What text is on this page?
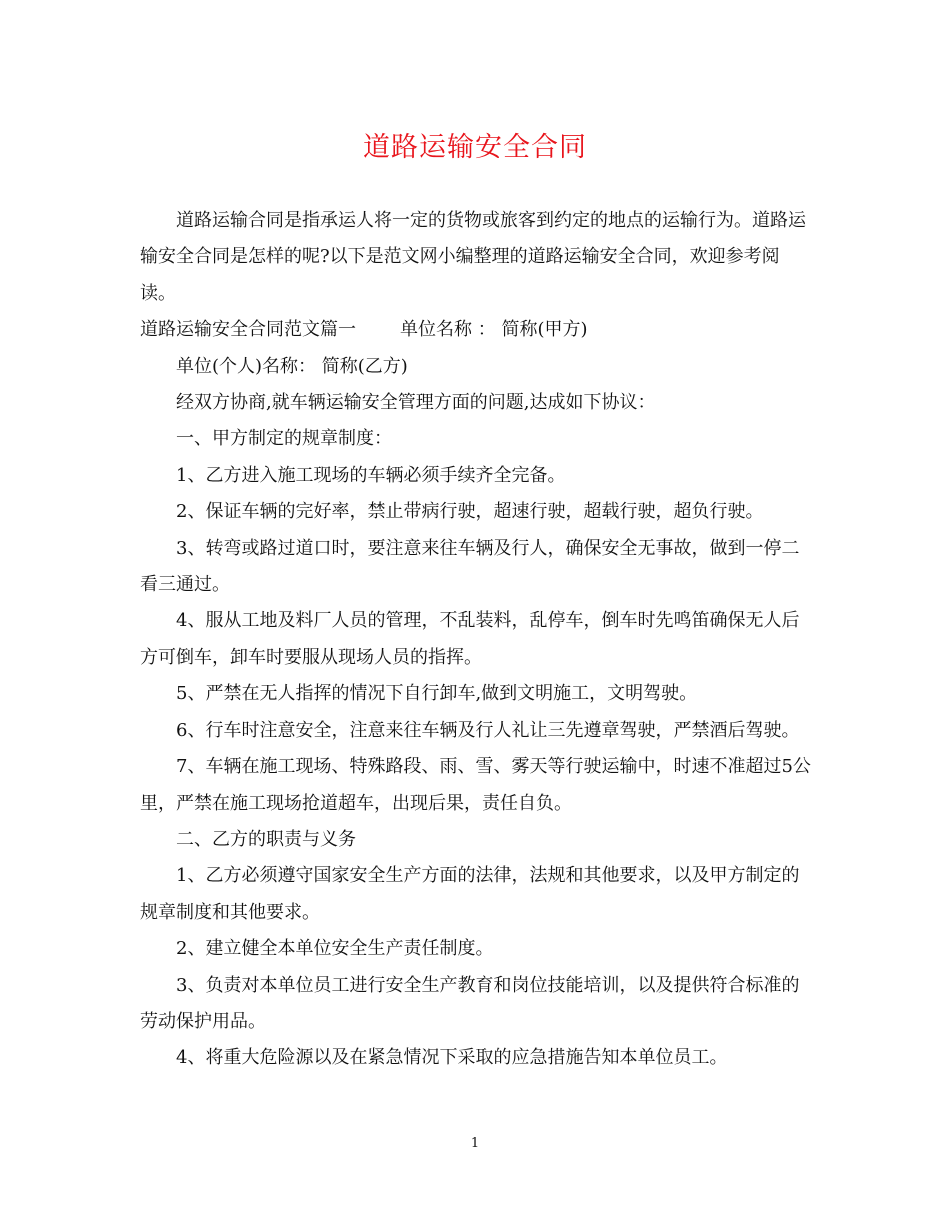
道路运输安全合同

道路运输合同是指承运人将一定的货物或旅客到约定的地点的运输行为。道路运输安全合同是怎样的呢?以下是范文网小编整理的道路运输安全合同，欢迎参考阅读。

道路运输安全合同范文篇一 单位名称 ： 简称(甲方)

单位(个人)名称： 简称(乙方)

经双方协商,就车辆运输安全管理方面的问题,达成如下协议：

一、甲方制定的规章制度：

1、乙方进入施工现场的车辆必须手续齐全完备。

2、保证车辆的完好率，禁止带病行驶，超速行驶，超载行驶，超负行驶。

3、转弯或路过道口时，要注意来往车辆及行人，确保安全无事故，做到一停二看三通过。

4、服从工地及料厂人员的管理，不乱装料，乱停车，倒车时先鸣笛确保无人后方可倒车，卸车时要服从现场人员的指挥。

5、严禁在无人指挥的情况下自行卸车,做到文明施工，文明驾驶。

6、行车时注意安全，注意来往车辆及行人礼让三先遵章驾驶，严禁酒后驾驶。

7、车辆在施工现场、特殊路段、雨、雪、雾天等行驶运输中，时速不准超过5公里，严禁在施工现场抢道超车，出现后果，责任自负。

二、乙方的职责与义务

1、乙方必须遵守国家安全生产方面的法律，法规和其他要求，以及甲方制定的规章制度和其他要求。

2、建立健全本单位安全生产责任制度。

3、负责对本单位员工进行安全生产教育和岗位技能培训，以及提供符合标准的劳动保护用品。

4、将重大危险源以及在紧急情况下采取的应急措施告知本单位员工。

1
